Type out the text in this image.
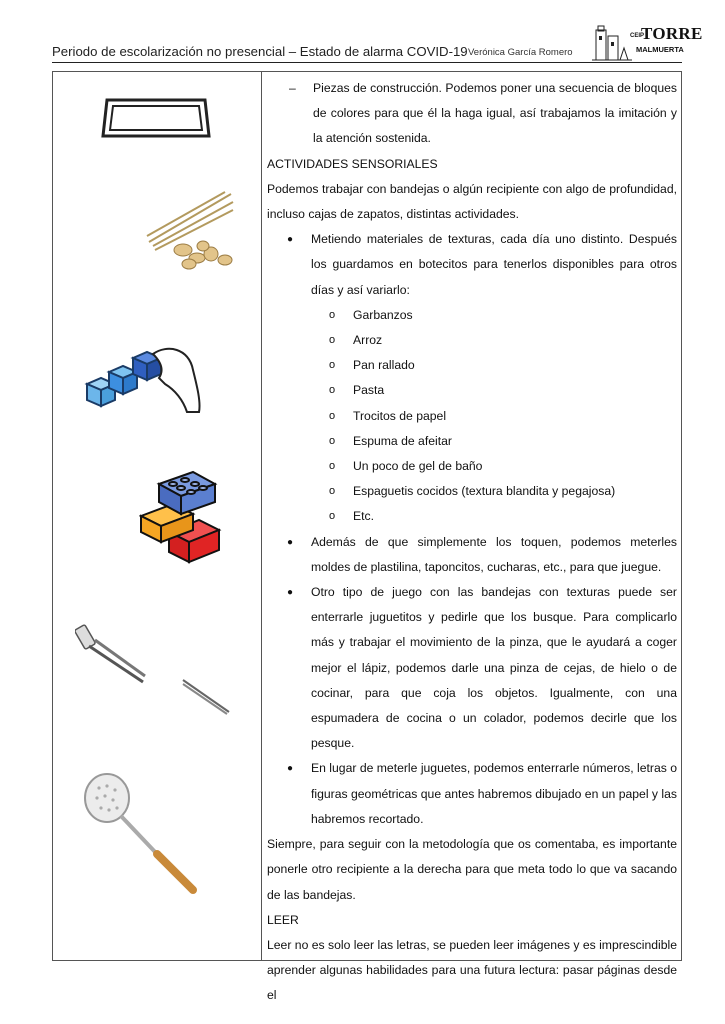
Periodo de escolarización no presencial – Estado de alarma COVID-19 Verónica García Romero
CEIP
TORRE
MALMUERTA
–	Piezas de construcción. Podemos poner una secuencia de bloques de colores para que él la haga igual, así trabajamos la imitación y la atención sostenida.

ACTIVIDADES SENSORIALES

Podemos trabajar con bandejas o algún recipiente con algo de profundidad, incluso cajas de zapatos, distintas actividades.

●	Metiendo materiales de texturas, cada día uno distinto. Después los guardamos en botecitos para tenerlos disponibles para otros días y así variarlo:
o	Garbanzos
o	Arroz
o	Pan rallado
o	Pasta
o	Trocitos de papel
o	Espuma de afeitar
o	Un poco de gel de baño
o	Espaguetis cocidos (textura blandita y pegajosa)
o	Etc.
●	Además de que simplemente los toquen, podemos meterles moldes de plastilina, taponcitos, cucharas, etc., para que juegue.
●	Otro tipo de juego con las bandejas con texturas puede ser enterrarle juguetitos y pedirle que los busque. Para complicarlo más y trabajar el movimiento de la pinza, que le ayudará a coger mejor el lápiz, podemos darle una pinza de cejas, de hielo o de cocinar, para que coja los objetos. Igualmente, con una espumadera de cocina o un colador, podemos decirle que los pesque.
●	En lugar de meterle juguetes, podemos enterrarle números, letras o figuras geométricas que antes habremos dibujado en un papel y las habremos recortado.

Siempre, para seguir con la metodología que os comentaba, es importante ponerle otro recipiente a la derecha para que meta todo lo que va sacando de las bandejas.

LEER

Leer no es solo leer las letras, se pueden leer imágenes y es imprescindible aprender algunas habilidades para una futura lectura: pasar páginas desde el
